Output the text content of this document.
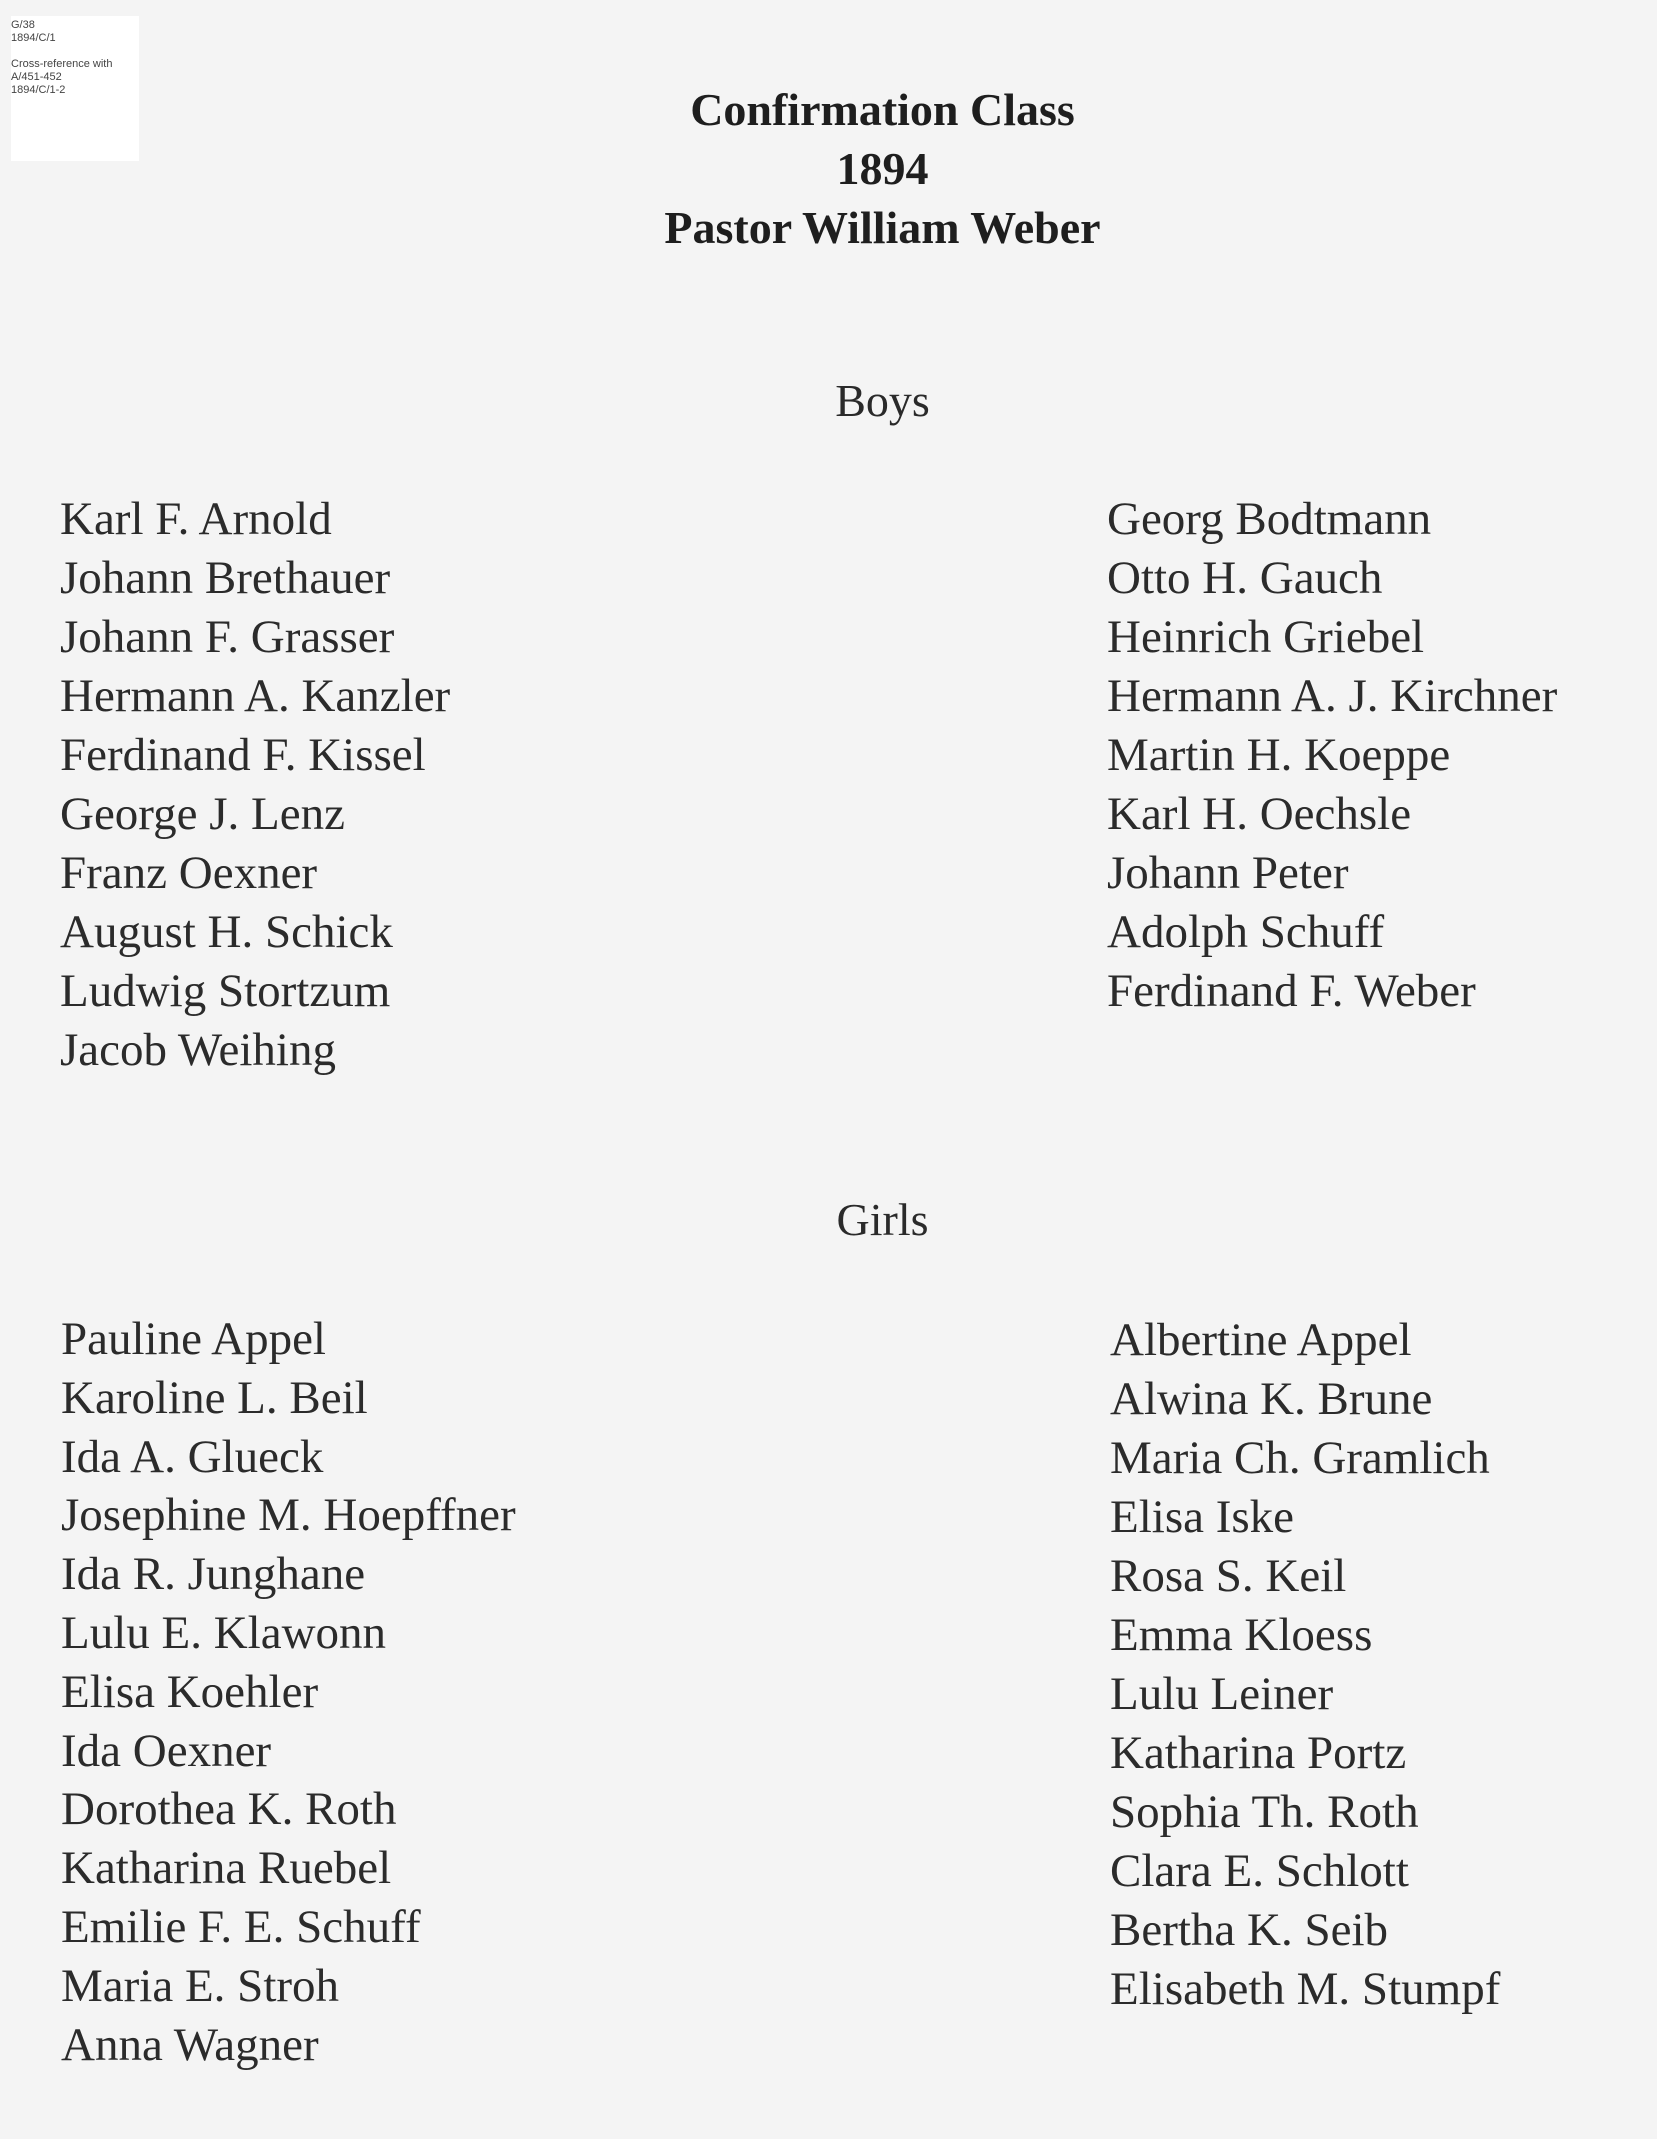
G/38
1894/C/1
Cross-reference with
A/451-452
1894/C/1-2	Confirmation Class
1894
Pastor William Weber
Boys
Karl F. Arnold
Johann Brethauer
Johann F. Grasser
Hermann A. Kanzler
Ferdinand F. Kissel
George J. Lenz
Franz Oexner
August H. Schick
Ludwig Stortzum
Jacob Weihing
Georg Bodtmann
Otto H. Gauch
Heinrich Griebel
Hermann A. J. Kirchner
Martin H. Koeppe
Karl H. Oechsle
Johann Peter
Adolph Schuff
Ferdinand F. Weber
Girls
Pauline Appel
Karoline L. Beil
Ida A. Glueck
Josephine M. Hoepffner
Ida R. Junghane
Lulu E. Klawonn
Elisa Koehler
Ida Oexner
Dorothea K. Roth
Katharina Ruebel
Emilie F. E. Schuff
Maria E. Stroh
Anna Wagner
Albertine Appel
Alwina K. Brune
Maria Ch. Gramlich
Elisa Iske
Rosa S. Keil
Emma Kloess
Lulu Leiner
Katharina Portz
Sophia Th. Roth
Clara E. Schlott
Bertha K. Seib
Elisabeth M. Stumpf
